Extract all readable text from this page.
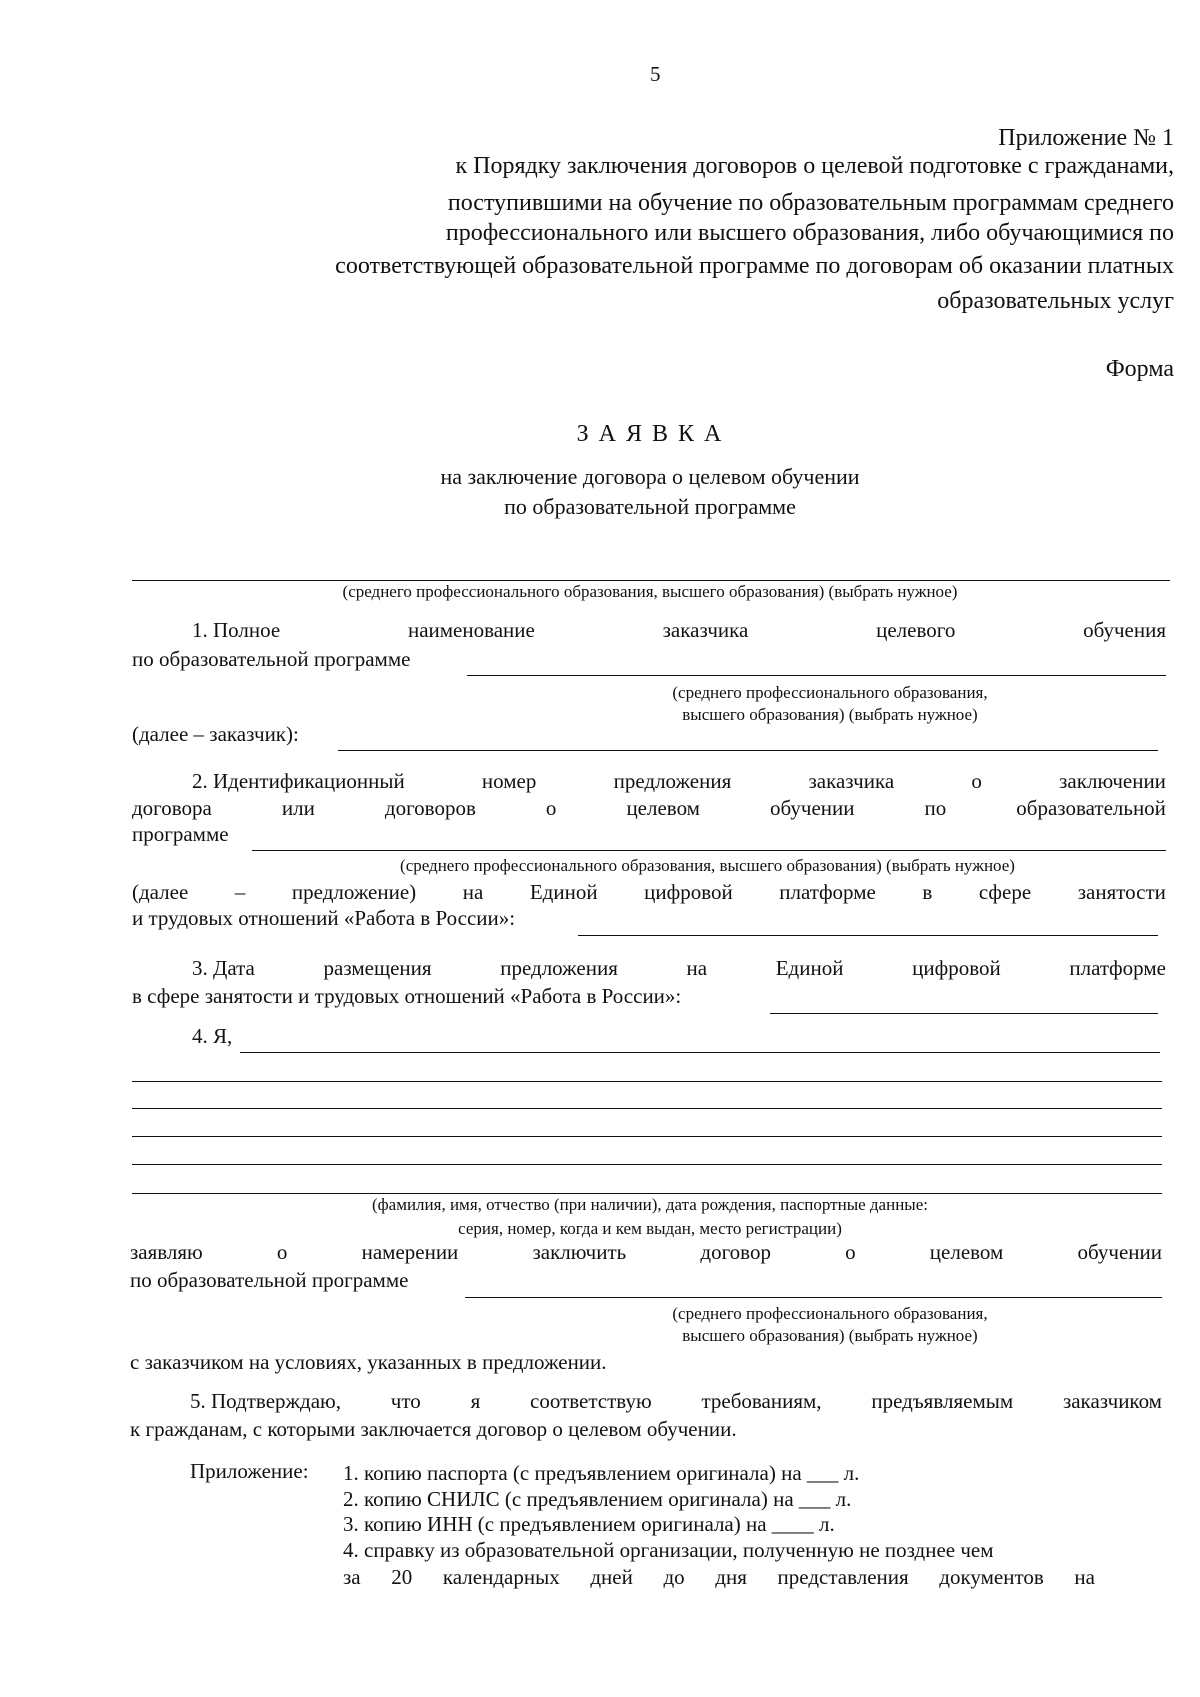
5
Приложение № 1
к Порядку заключения договоров о целевой подготовке с гражданами,
поступившими на обучение по образовательным программам среднего
профессионального или высшего образования, либо обучающимися по
соответствующей образовательной программе по договорам об оказании платных
образовательных услуг
Форма
З А Я В К А
на заключение договора о целевом обучении
по образовательной программе
(среднего профессионального образования, высшего образования) (выбрать нужное)
1. Полное	наименование	заказчика	целевого	обучения
по образовательной программе
(среднего профессионального образования,
высшего образования) (выбрать нужное)
(далее – заказчик):
2. Идентификационный	номер	предложения	заказчика	о	заключении
договора	или	договоров	о	целевом	обучении	по	образовательной
программе
(среднего профессионального образования, высшего образования) (выбрать нужное)
(далее – предложение) на Единой цифровой платформе в сфере занятости
и трудовых отношений «Работа в России»:
3. Дата	размещения	предложения	на	Единой	цифровой	платформе
в сфере занятости и трудовых отношений «Работа в России»:
4. Я,
(фамилия, имя, отчество (при наличии), дата рождения, паспортные данные:
серия, номер, когда и кем выдан, место регистрации)
заявляю	о	намерении	заключить	договор	о	целевом	обучении
по образовательной программе
(среднего профессионального образования,
высшего образования) (выбрать нужное)
с заказчиком на условиях, указанных в предложении.
5. Подтверждаю, что я соответствую требованиям, предъявляемым заказчиком
к гражданам, с которыми заключается договор о целевом обучении.
Приложение: 1. копию паспорта (с предъявлением оригинала) на ___ л.
2. копию СНИЛС (с предъявлением оригинала) на ___ л.
3. копию ИНН (с предъявлением оригинала) на ____ л.
4. справку из образовательной организации, полученную не позднее чем
за 20 календарных дней до дня представления документов на
